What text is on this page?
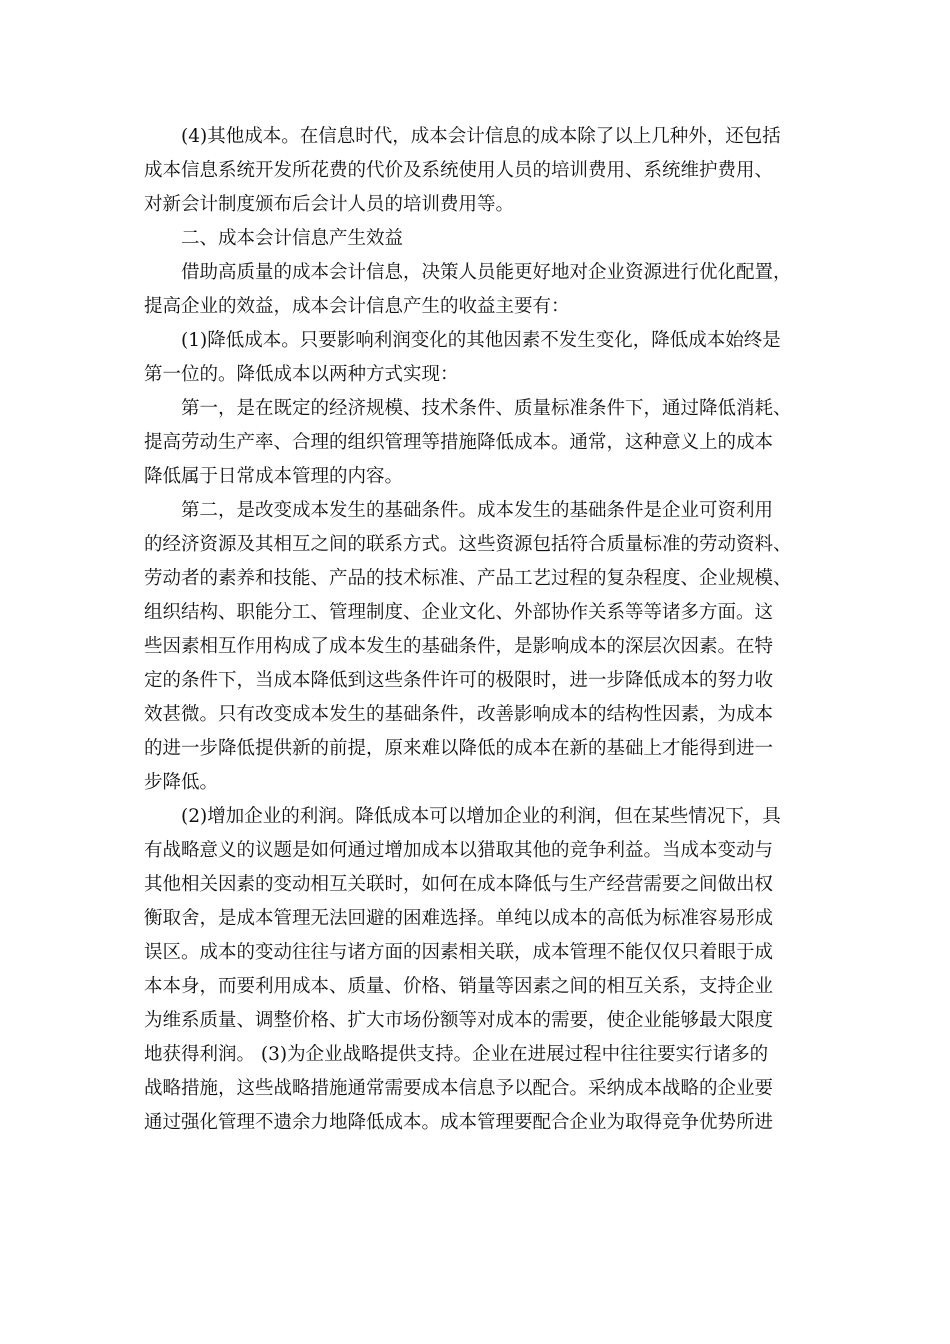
(4)其他成本。在信息时代，成本会计信息的成本除了以上几种外，还包括
成本信息系统开发所花费的代价及系统使用人员的培训费用、系统维护费用、
对新会计制度颁布后会计人员的培训费用等。
二、成本会计信息产生效益
借助高质量的成本会计信息，决策人员能更好地对企业资源进行优化配置，
提高企业的效益，成本会计信息产生的收益主要有：
(1)降低成本。只要影响利润变化的其他因素不发生变化，降低成本始终是
第一位的。降低成本以两种方式实现：
第一，是在既定的经济规模、技术条件、质量标准条件下，通过降低消耗、
提高劳动生产率、合理的组织管理等措施降低成本。通常，这种意义上的成本
降低属于日常成本管理的内容。
第二，是改变成本发生的基础条件。成本发生的基础条件是企业可资利用
的经济资源及其相互之间的联系方式。这些资源包括符合质量标准的劳动资料、
劳动者的素养和技能、产品的技术标准、产品工艺过程的复杂程度、企业规模、
组织结构、职能分工、管理制度、企业文化、外部协作关系等等诸多方面。这
些因素相互作用构成了成本发生的基础条件，是影响成本的深层次因素。在特
定的条件下，当成本降低到这些条件许可的极限时，进一步降低成本的努力收
效甚微。只有改变成本发生的基础条件，改善影响成本的结构性因素，为成本
的进一步降低提供新的前提，原来难以降低的成本在新的基础上才能得到进一
步降低。
(2)增加企业的利润。降低成本可以增加企业的利润，但在某些情况下，具
有战略意义的议题是如何通过增加成本以猎取其他的竞争利益。当成本变动与
其他相关因素的变动相互关联时，如何在成本降低与生产经营需要之间做出权
衡取舍，是成本管理无法回避的困难选择。单纯以成本的高低为标准容易形成
误区。成本的变动往往与诸方面的因素相关联，成本管理不能仅仅只着眼于成
本本身，而要利用成本、质量、价格、销量等因素之间的相互关系，支持企业
为维系质量、调整价格、扩大市场份额等对成本的需要，使企业能够最大限度
地获得利润。 (3)为企业战略提供支持。企业在进展过程中往往要实行诸多的
战略措施，这些战略措施通常需要成本信息予以配合。采纳成本战略的企业要
通过强化管理不遗余力地降低成本。成本管理要配合企业为取得竞争优势所进
